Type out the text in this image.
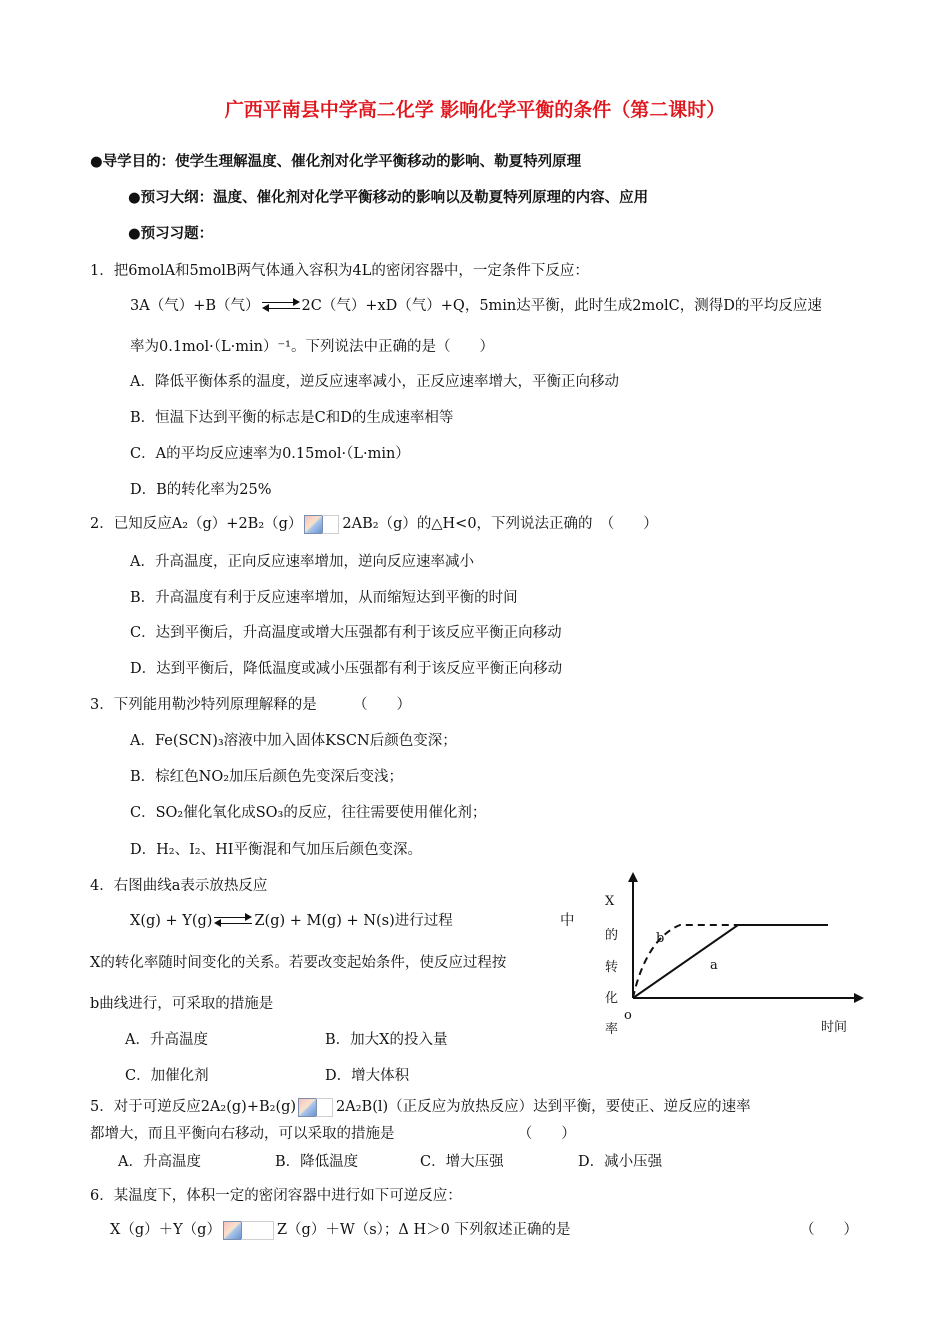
广西平南县中学高二化学 影响化学平衡的条件（第二课时）
●导学目的：使学生理解温度、催化剂对化学平衡移动的影响、勒夏特列原理
●预习大纲：温度、催化剂对化学平衡移动的影响以及勒夏特列原理的内容、应用
●预习习题：
1．把6molA和5molB两气体通入容积为4L的密闭容器中，一定条件下反应：
3A（气）+B（气） ⇌ 2C（气）+xD（气）+Q，5min达平衡，此时生成2molC，测得D的平均反应速
率为0.1mol·（L·min）⁻¹。下列说法中正确的是（　　）
A．降低平衡体系的温度，逆反应速率减小，正反应速率增大，平衡正向移动
B．恒温下达到平衡的标志是C和D的生成速率相等
C．A的平均反应速率为0.15mol·（L·min）
D．B的转化率为25%
2．已知反应A₂（g）+2B₂（g）	2AB₂（g）的△H<0，下列说法正确的　（　　）
A．升高温度，正向反应速率增加，逆向反应速率减小
B．升高温度有利于反应速率增加，从而缩短达到平衡的时间
C．达到平衡后，升高温度或增大压强都有利于该反应平衡正向移动
D．达到平衡后，降低温度或减小压强都有利于该反应平衡正向移动
3．下列能用勒沙特列原理解释的是　　　（　　）
A．Fe(SCN)₃溶液中加入固体KSCN后颜色变深；
B．棕红色NO₂加压后颜色先变深后变浅；
C．SO₂催化氧化成SO₃的反应，往往需要使用催化剂；
D．H₂、I₂、HI平衡混和气加压后颜色变深。
4．右图曲线a表示放热反应
X(g) + Y(g) ⇌ Z(g) + M(g) + N(s)进行过程	中
X的转化率随时间变化的关系。若要改变起始条件，使反应过程按
b曲线进行，可采取的措施是
A．升高温度	B．加大X的投入量
C．加催化剂	D．增大体积
X
的
转
化
率
o
时间
a
b
5．对于可逆反应2A₂(g)+B₂(g)	2A₂B(l)（正反应为放热反应）达到平衡，要使正、逆反应的速率
都增大，而且平衡向右移动，可以采取的措施是　　　　　　　　　（　　）
A．升高温度	B．降低温度	C．增大压强	D．减小压强
6．某温度下，体积一定的密闭容器中进行如下可逆反应：
X（g）＋Y（g）	Z（g）＋W（s）；Δ H＞0 下列叙述正确的是	（　　）
